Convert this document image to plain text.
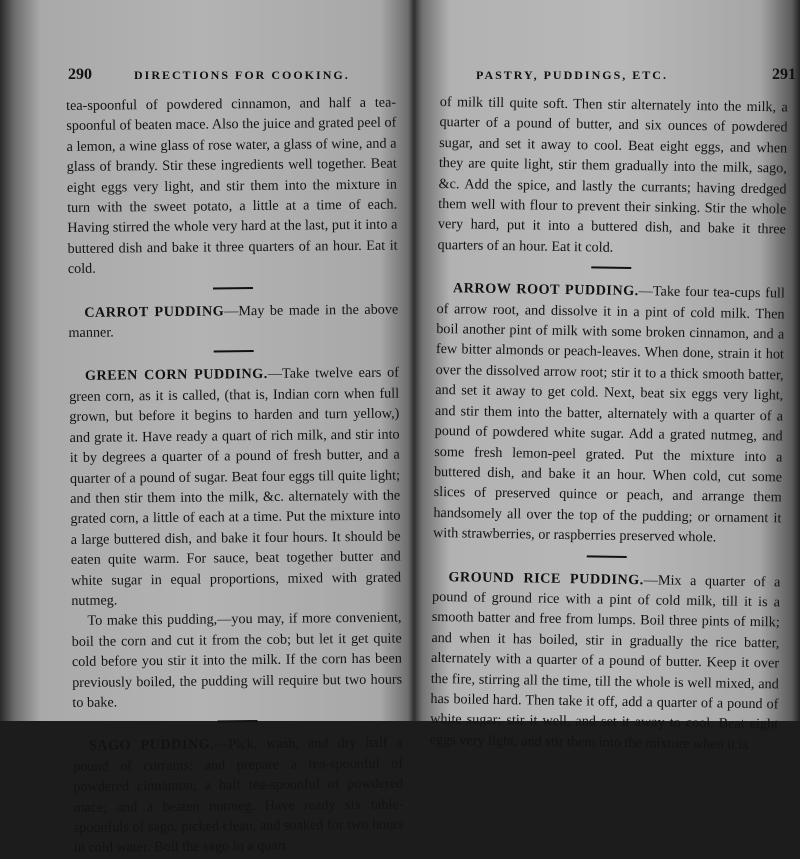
290	DIRECTIONS FOR COOKING.

tea-spoonful of powdered cinnamon, and half a tea-spoonful of beaten mace. Also the juice and grated peel of a lemon, a wine glass of rose water, a glass of wine, and a glass of brandy. Stir these ingredients well together. Beat eight eggs very light, and stir them into the mixture in turn with the sweet potato, a little at a time of each. Having stirred the whole very hard at the last, put it into a buttered dish and bake it three quarters of an hour. Eat it cold.

CARROT PUDDING—May be made in the above manner.

GREEN CORN PUDDING.—Take twelve ears of green corn, as it is called, (that is, Indian corn when full grown, but before it begins to harden and turn yellow,) and grate it. Have ready a quart of rich milk, and stir into it by degrees a quarter of a pound of fresh butter, and a quarter of a pound of sugar. Beat four eggs till quite light; and then stir them into the milk, &c. alternately with the grated corn, a little of each at a time. Put the mixture into a large buttered dish, and bake it four hours. It should be eaten quite warm. For sauce, beat together butter and white sugar in equal proportions, mixed with grated nutmeg.

To make this pudding,—you may, if more convenient, boil the corn and cut it from the cob; but let it get quite cold before you stir it into the milk. If the corn has been previously boiled, the pudding will require but two hours to bake.

SAGO PUDDING.—Pick, wash, and dry half a pound of currants; and prepare a tea-spoonful of powdered cinnamon; a half tea-spoonful of powdered mace; and a beaten nutmeg. Have ready six table-spoonfuls of sago, picked clean, and soaked for two hours in cold water. Boil the sago in a quart

PASTRY, PUDDINGS, ETC.	291

of milk till quite soft. Then stir alternately into the milk, a quarter of a pound of butter, and six ounces of powdered sugar, and set it away to cool. Beat eight eggs, and when they are quite light, stir them gradually into the milk, sago, &c. Add the spice, and lastly the currants; having dredged them well with flour to prevent their sinking. Stir the whole very hard, put it into a buttered dish, and bake it three quarters of an hour. Eat it cold.

ARROW ROOT PUDDING.—Take four tea-cups full of arrow root, and dissolve it in a pint of cold milk. Then boil another pint of milk with some broken cinnamon, and a few bitter almonds or peach-leaves. When done, strain it hot over the dissolved arrow root; stir it to a thick smooth batter, and set it away to get cold. Next, beat six eggs very light, and stir them into the batter, alternately with a quarter of a pound of powdered white sugar. Add a grated nutmeg, and some fresh lemon-peel grated. Put the mixture into a buttered dish, and bake it an hour. When cold, cut some slices of preserved quince or peach, and arrange them handsomely all over the top of the pudding; or ornament it with strawberries, or raspberries preserved whole.

GROUND RICE PUDDING.—Mix a quarter of a pound of ground rice with a pint of cold milk, till it is a smooth batter and free from lumps. Boil three pints of milk; and when it has boiled, stir in gradually the rice batter, alternately with a quarter of a pound of butter. Keep it over the fire, stirring all the time, till the whole is well mixed, and has boiled hard. Then take it off, add a quarter of a pound of white sugar; stir it well, and set it away to cool. Beat eight eggs very light, and stir them into the mixture when it is
